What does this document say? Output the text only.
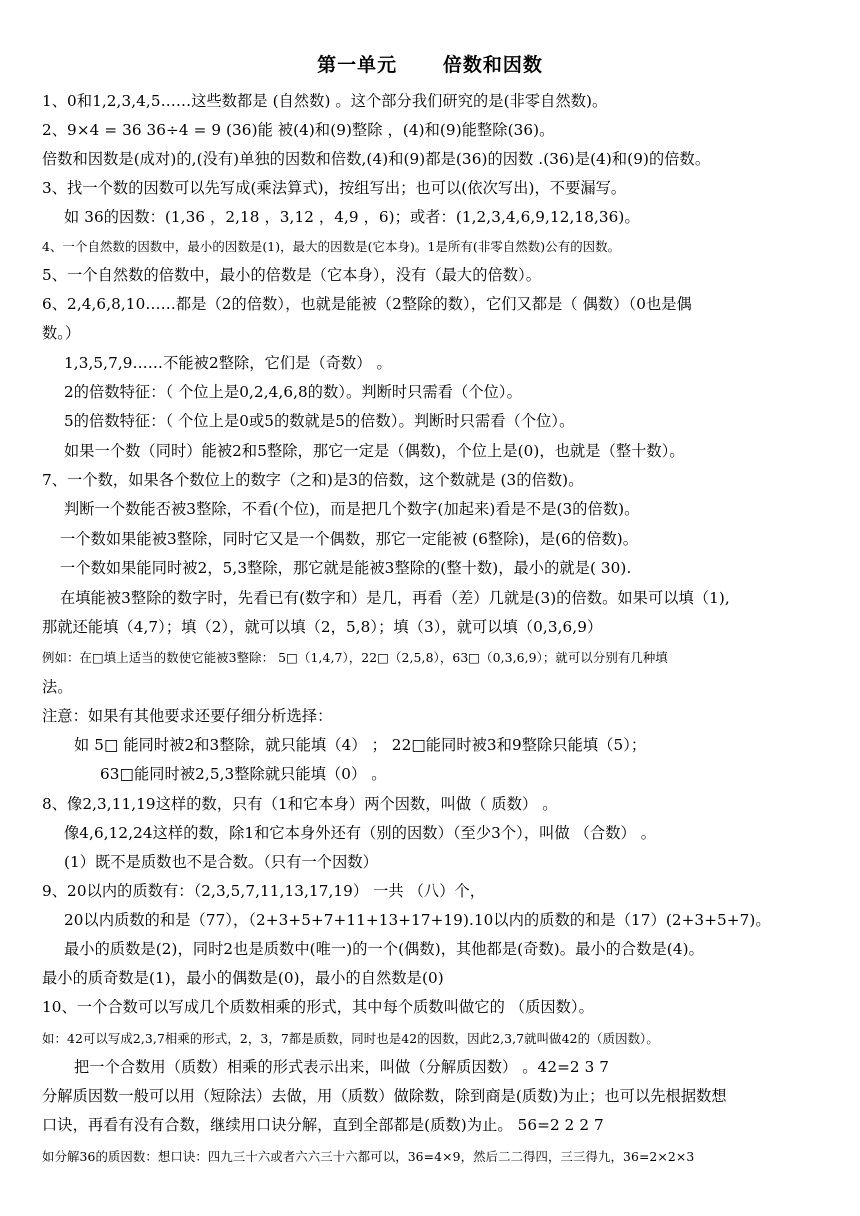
第一单元      倍数和因数
1、0和1,2,3,4,5……这些数都是 (自然数) 。这个部分我们研究的是(非零自然数)。
2、9×4 = 36 36÷4 = 9 (36)能 被(4)和(9)整除 ，(4)和(9)能整除(36)。
倍数和因数是(成对)的,(没有)单独的因数和倍数,(4)和(9)都是(36)的因数 .(36)是(4)和(9)的倍数。
3、找一个数的因数可以先写成(乘法算式)，按组写出；也可以(依次写出)，不要漏写。
如 36的因数：(1,36 ，2,18 ，3,12 ，4,9 ，6)；或者：(1,2,3,4,6,9,12,18,36)。
4、一个自然数的因数中，最小的因数是(1)，最大的因数是(它本身)。1是所有(非零自然数)公有的因数。
5、一个自然数的倍数中，最小的倍数是（它本身），没有（最大的倍数）。
6、2,4,6,8,10……都是（2的倍数），也就是能被（2整除的数），它们又都是（ 偶数）（0也是偶
数。）
1,3,5,7,9……不能被2整除，它们是（奇数） 。
2的倍数特征：（ 个位上是0,2,4,6,8的数）。判断时只需看（个位）。
5的倍数特征：（ 个位上是0或5的数就是5的倍数）。判断时只需看（个位）。
如果一个数（同时）能被2和5整除，那它一定是（偶数)，个位上是(0)，也就是（整十数）。
7、一个数，如果各个数位上的数字（之和)是3的倍数，这个数就是 (3的倍数)。
判断一个数能否被3整除，不看(个位)，而是把几个数字(加起来)看是不是(3的倍数)。
一个数如果能被3整除，同时它又是一个偶数，那它一定能被 (6整除)，是(6的倍数)。
一个数如果能同时被2，5,3整除，那它就是能被3整除的(整十数)，最小的就是( 30).
在填能被3整除的数字时，先看已有(数字和）是几，再看（差）几就是(3)的倍数。如果可以填（1),
那就还能填（4,7）；填（2），就可以填（2，5,8）；填（3），就可以填（0,3,6,9）
例如：在□填上适当的数使它能被3整除： 5□（1,4,7），22□（2,5,8），63□（0,3,6,9）；就可以分别有几种填
法。
注意：如果有其他要求还要仔细分析选择：
如 5□ 能同时被2和3整除，就只能填（4） ； 22□能同时被3和9整除只能填（5）；
63□能同时被2,5,3整除就只能填（0） 。
8、像2,3,11,19这样的数，只有（1和它本身）两个因数，叫做（ 质数） 。
像4,6,12,24这样的数，除1和它本身外还有（别的因数）（至少3个），叫做 （合数） 。
(1）既不是质数也不是合数。（只有一个因数）
9、20以内的质数有：（2,3,5,7,11,13,17,19） 一共 （八）个，
20以内质数的和是（77），（2+3+5+7+11+13+17+19).10以内的质数的和是（17）(2+3+5+7)。
最小的质数是(2)，同时2也是质数中(唯一)的一个(偶数)，其他都是(奇数)。最小的合数是(4)。
最小的质奇数是(1)，最小的偶数是(0)，最小的自然数是(0)
10、一个合数可以写成几个质数相乘的形式，其中每个质数叫做它的 （质因数）。
如：42可以写成2,3,7相乘的形式，2，3，7都是质数，同时也是42的因数，因此2,3,7就叫做42的（质因数）。
把一个合数用（质数）相乘的形式表示出来，叫做（分解质因数） 。42=2 3 7
分解质因数一般可以用（短除法）去做，用（质数）做除数，除到商是(质数)为止；也可以先根据数想
口诀，再看有没有合数，继续用口诀分解，直到全部都是(质数)为止。 56=2 2 2 7
如分解36的质因数：想口诀：四九三十六或者六六三十六都可以，36=4×9，然后二二得四，三三得九，36=2×2×3
